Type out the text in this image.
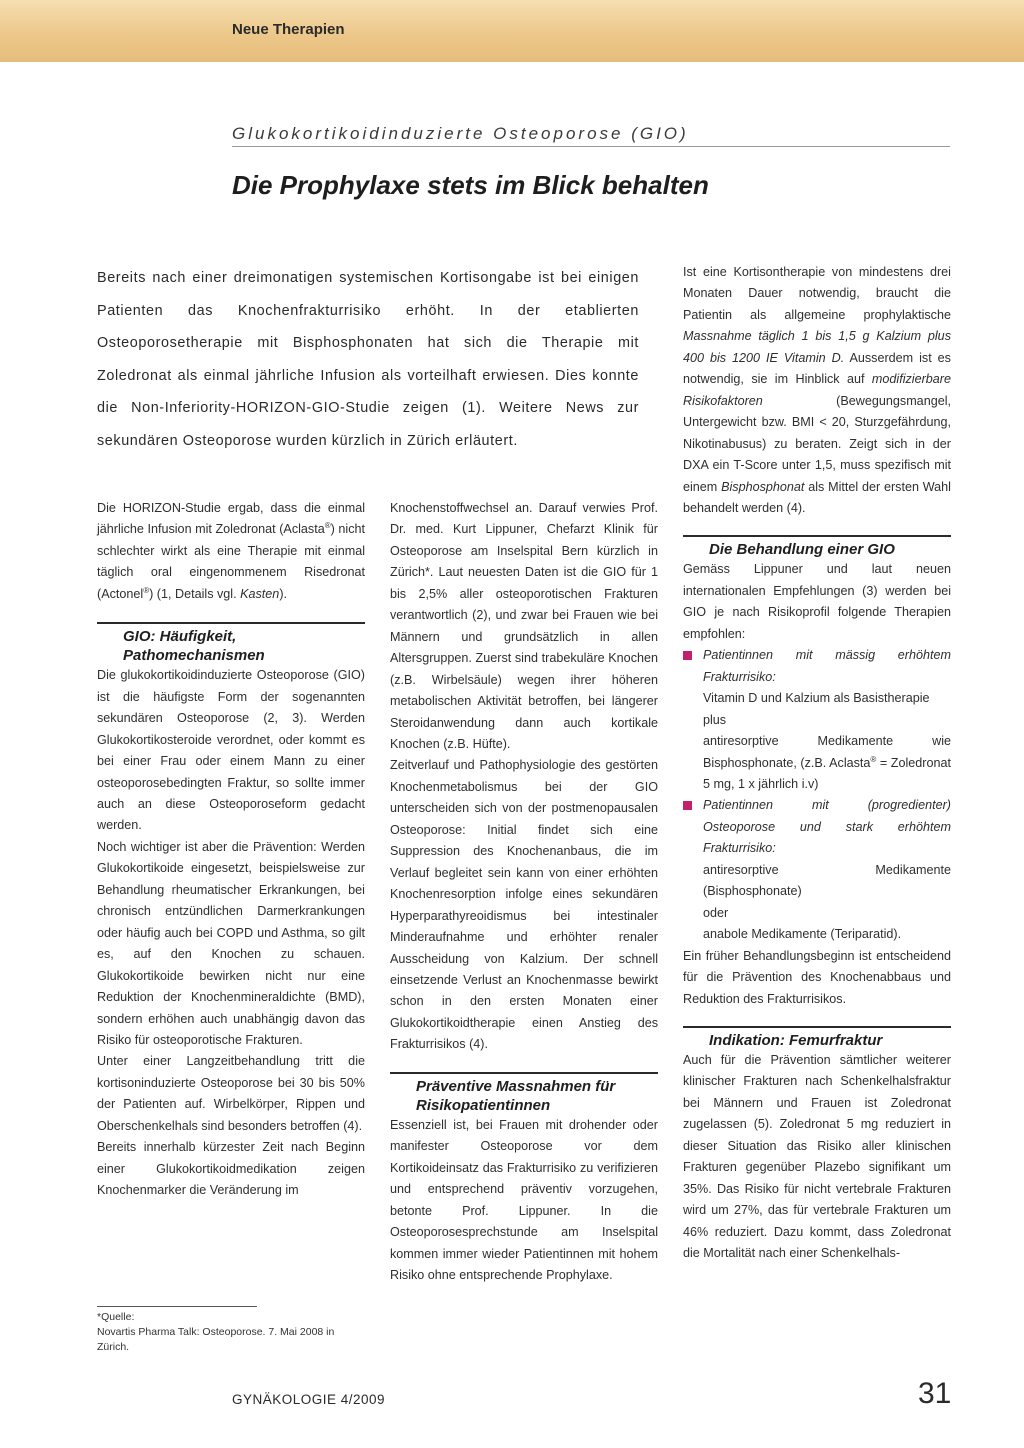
Neue Therapien
Glukokortikoidinduzierte Osteoporose (GIO)
Die Prophylaxe stets im Blick behalten
Bereits nach einer dreimonatigen systemischen Kortisongabe ist bei einigen Patienten das Knochenfrakturrisiko erhöht. In der etablierten Osteoporosetherapie mit Bisphosphonaten hat sich die Therapie mit Zoledronat als einmal jährliche Infusion als vorteilhaft erwiesen. Dies konnte die Non-Inferiority-HORIZON-GIO-Studie zeigen (1). Weitere News zur sekundären Osteoporose wurden kürzlich in Zürich erläutert.

Die HORIZON-Studie ergab, dass die einmal jährliche Infusion mit Zoledronat (Aclasta®) nicht schlechter wirkt als eine Therapie mit einmal täglich oral eingenommenem Risedronat (Actonel®) (1, Details vgl. Kasten).

GIO: Häufigkeit, Pathomechanismen

Die glukokortikoidinduzierte Osteoporose (GIO) ist die häufigste Form der sogenannten sekundären Osteoporose (2, 3). Werden Glukokortikosteroide verordnet, oder kommt es bei einer Frau oder einem Mann zu einer osteoporosebedingten Fraktur, so sollte immer auch an diese Osteoporoseform gedacht werden.

Noch wichtiger ist aber die Prävention: Werden Glukokortikoide eingesetzt, beispielsweise zur Behandlung rheumatischer Erkrankungen, bei chronisch entzündlichen Darmerkrankungen oder häufig auch bei COPD und Asthma, so gilt es, auf den Knochen zu schauen. Glukokortikoide bewirken nicht nur eine Reduktion der Knochenmineraldichte (BMD), sondern erhöhen auch unabhängig davon das Risiko für osteoporotische Frakturen.

Unter einer Langzeitbehandlung tritt die kortisoninduzierte Osteoporose bei 30 bis 50% der Patienten auf. Wirbelkörper, Rippen und Oberschenkelhals sind besonders betroffen (4).

Bereits innerhalb kürzester Zeit nach Beginn einer Glukokortikoidmedikation zeigen Knochenmarker die Veränderung im

*Quelle:
Novartis Pharma Talk: Osteoporose. 7. Mai 2008 in Zürich.

Knochenstoffwechsel an. Darauf verwies Prof. Dr. med. Kurt Lippuner, Chefarzt Klinik für Osteoporose am Inselspital Bern kürzlich in Zürich*. Laut neuesten Daten ist die GIO für 1 bis 2,5% aller osteoporotischen Frakturen verantwortlich (2), und zwar bei Frauen wie bei Männern und grundsätzlich in allen Altersgruppen. Zuerst sind trabekuläre Knochen (z.B. Wirbelsäule) wegen ihrer höheren metabolischen Aktivität betroffen, bei längerer Steroidanwendung dann auch kortikale Knochen (z.B. Hüfte).

Zeitverlauf und Pathophysiologie des gestörten Knochenmetabolismus bei der GIO unterscheiden sich von der postmenopausalen Osteoporose: Initial findet sich eine Suppression des Knochenanbaus, die im Verlauf begleitet sein kann von einer erhöhten Knochenresorption infolge eines sekundären Hyperparathyreoidismus bei intestinaler Minderaufnahme und erhöhter renaler Ausscheidung von Kalzium. Der schnell einsetzende Verlust an Knochenmasse bewirkt schon in den ersten Monaten einer Glukokortikoidtherapie einen Anstieg des Frakturrisikos (4).

Präventive Massnahmen für Risikopatientinnen

Essenziell ist, bei Frauen mit drohender oder manifester Osteoporose vor dem Kortikoideinsatz das Frakturrisiko zu verifizieren und entsprechend präventiv vorzugehen, betonte Prof. Lippuner. In die Osteoporosesprechstunde am Inselspital kommen immer wieder Patientinnen mit hohem Risiko ohne entsprechende Prophylaxe.

Ist eine Kortisontherapie von mindestens drei Monaten Dauer notwendig, braucht die Patientin als allgemeine prophylaktische Massnahme täglich 1 bis 1,5 g Kalzium plus 400 bis 1200 IE Vitamin D. Ausserdem ist es notwendig, sie im Hinblick auf modifizierbare Risikofaktoren (Bewegungsmangel, Untergewicht bzw. BMI < 20, Sturzgefährdung, Nikotinabusus) zu beraten. Zeigt sich in der DXA ein T-Score unter 1,5, muss spezifisch mit einem Bisphosphonat als Mittel der ersten Wahl behandelt werden (4).

Die Behandlung einer GIO

Gemäss Lippuner und laut neuen internationalen Empfehlungen (3) werden bei GIO je nach Risikoprofil folgende Therapien empfohlen:

Patientinnen mit mässig erhöhtem Frakturrisiko:
Vitamin D und Kalzium als Basistherapie
plus
antiresorptive Medikamente wie Bisphosphonate, (z.B. Aclasta® = Zoledronat 5 mg, 1 x jährlich i.v)
Patientinnen mit (progredienter) Osteoporose und stark erhöhtem Frakturrisiko:
antiresorptive Medikamente (Bisphosphonate)
oder
anabole Medikamente (Teriparatid).

Ein früher Behandlungsbeginn ist entscheidend für die Prävention des Knochenabbaus und Reduktion des Frakturrisikos.

Indikation: Femurfraktur

Auch für die Prävention sämtlicher weiterer klinischer Frakturen nach Schenkelhalsfraktur bei Männern und Frauen ist Zoledronat zugelassen (5). Zoledronat 5 mg reduziert in dieser Situation das Risiko aller klinischen Frakturen gegenüber Plazebo signifikant um 35%. Das Risiko für nicht vertebrale Frakturen wird um 27%, das für vertebrale Frakturen um 46% reduziert. Dazu kommt, dass Zoledronat die Mortalität nach einer Schenkelhals-

GYNÄKOLOGIE 4/2009	31
